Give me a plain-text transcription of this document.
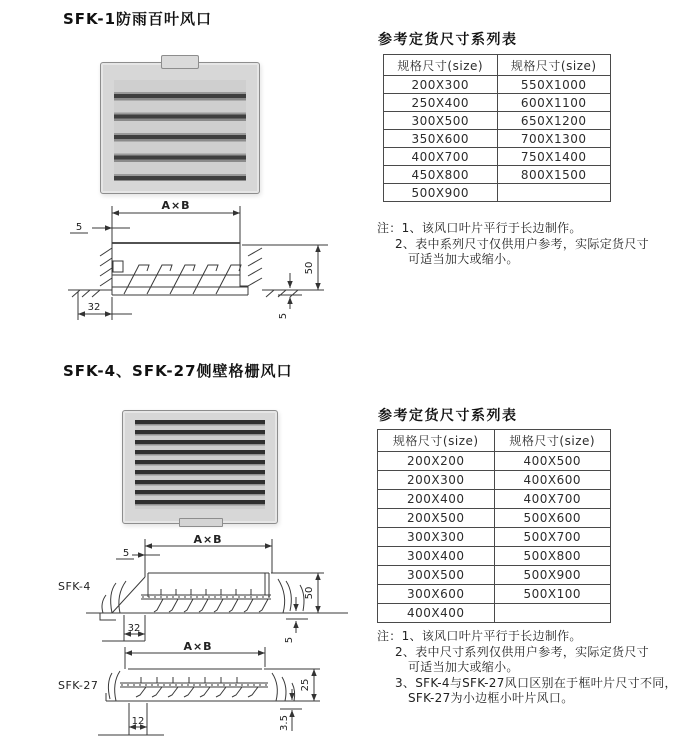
SFK-1防雨百叶风口
A×B
5
50
5
32
参考定货尺寸系列表
规格尺寸(size)	规格尺寸(size)
200X300	550X1000
250X400	600X1100
300X500	650X1200
350X600	700X1300
400X700	750X1400
450X800	800X1500
500X900	
注：1、该风口叶片平行于长边制作。
2、表中系列尺寸仅供用户参考，实际定货尺寸
可适当加大或缩小。
SFK-4、SFK-27侧壁格栅风口
SFK-4
A×B
5
50
5
32
SFK-27
A×B
25
3.5
12
参考定货尺寸系列表
规格尺寸(size)	规格尺寸(size)
200X200	400X500
200X300	400X600
200X400	400X700
200X500	500X600
300X300	500X700
300X400	500X800
300X500	500X900
300X600	500X100
400X400	
注：1、该风口叶片平行于长边制作。
2、表中尺寸系列仅供用户参考，实际定货尺寸
可适当加大或缩小。
3、SFK-4与SFK-27风口区别在于框叶片尺寸不同，
SFK-27为小边框小叶片风口。
